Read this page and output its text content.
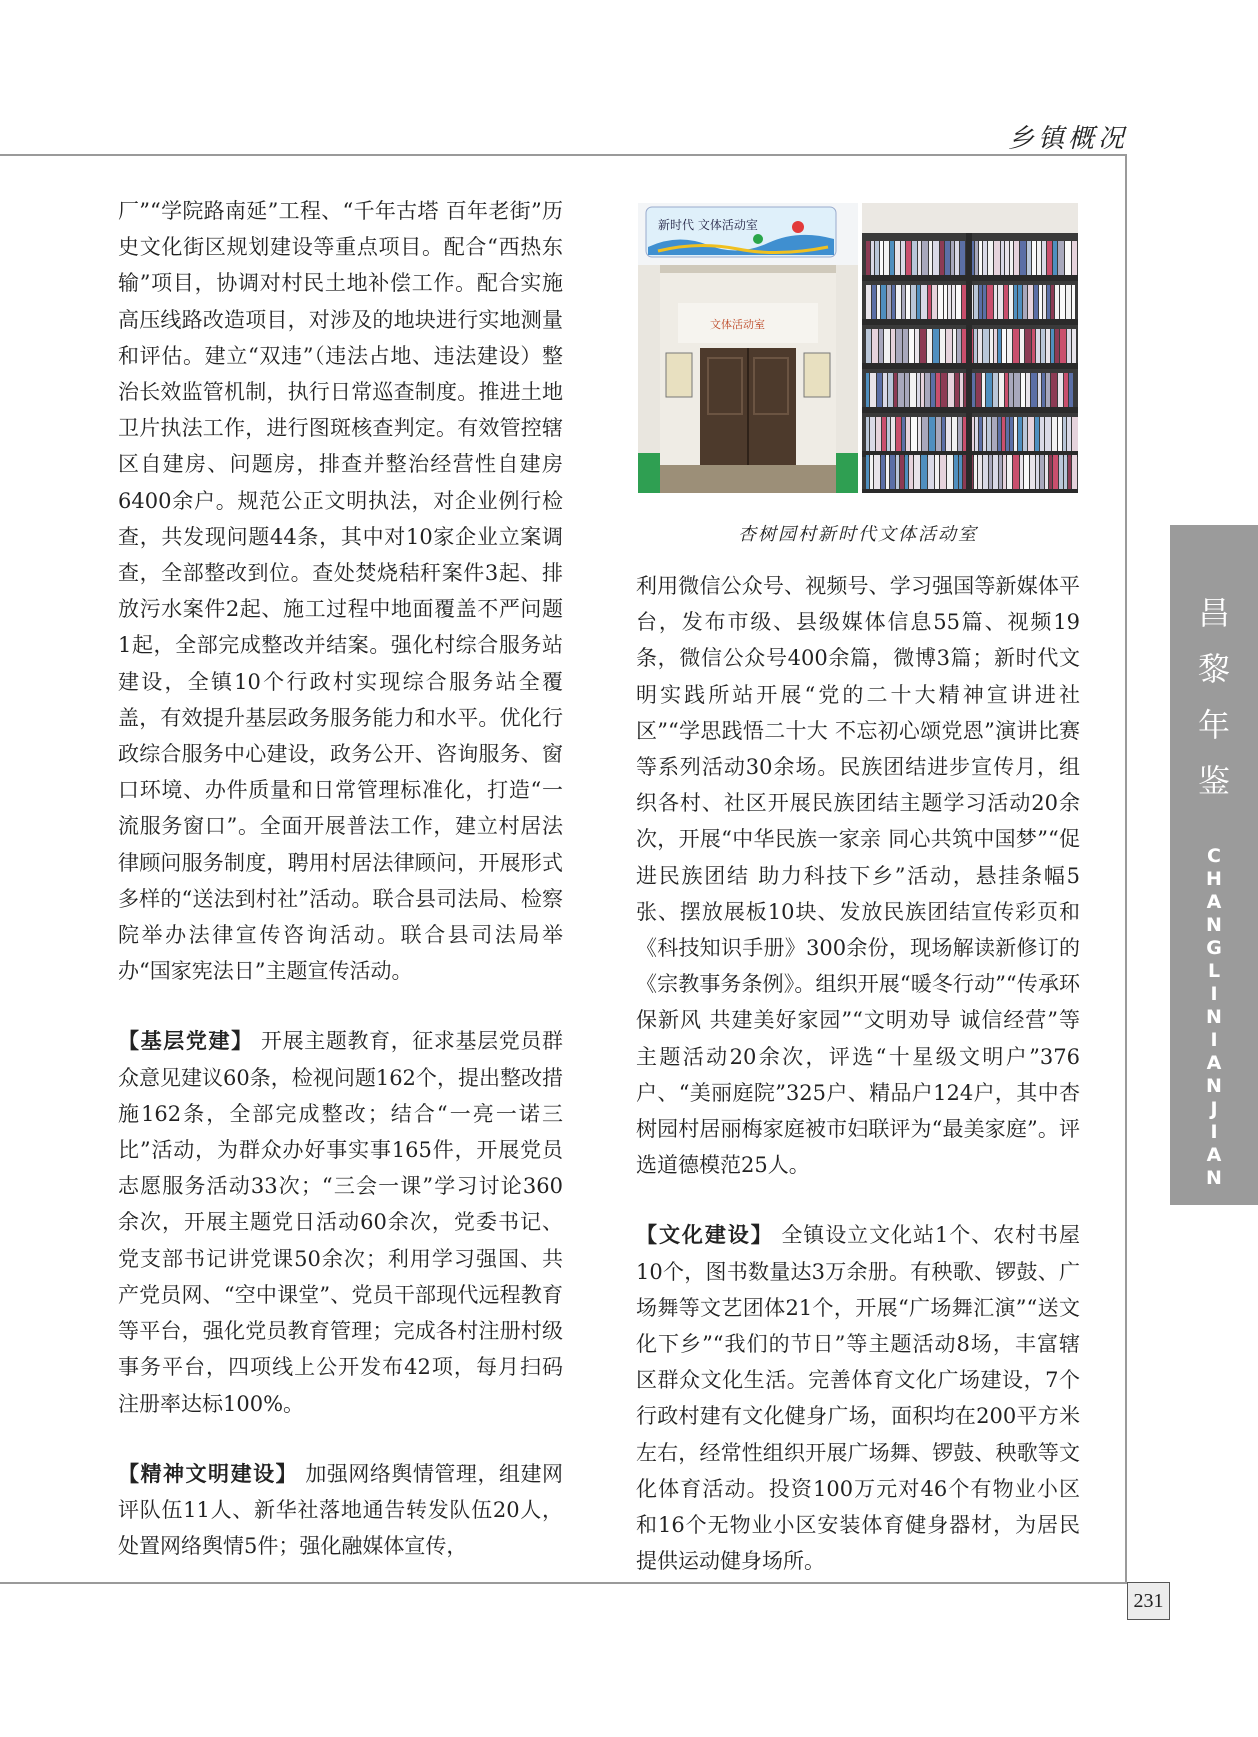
乡镇概况

厂”“学院路南延”工程、“千年古塔 百年老街”历史文化街区规划建设等重点项目。配合“西热东输”项目，协调对村民土地补偿工作。配合实施高压线路改造项目，对涉及的地块进行实地测量和评估。建立“双违”（违法占地、违法建设）整治长效监管机制，执行日常巡查制度。推进土地卫片执法工作，进行图斑核查判定。有效管控辖区自建房、问题房，排查并整治经营性自建房6400余户。规范公正文明执法，对企业例行检查，共发现问题44条，其中对10家企业立案调查，全部整改到位。查处焚烧秸秆案件3起、排放污水案件2起、施工过程中地面覆盖不严问题1起，全部完成整改并结案。强化村综合服务站建设，全镇10个行政村实现综合服务站全覆盖，有效提升基层政务服务能力和水平。优化行政综合服务中心建设，政务公开、咨询服务、窗口环境、办件质量和日常管理标准化，打造“一流服务窗口”。全面开展普法工作，建立村居法律顾问服务制度，聘用村居法律顾问，开展形式多样的“送法到村社”活动。联合县司法局、检察院举办法律宣传咨询活动。联合县司法局举办“国家宪法日”主题宣传活动。

【基层党建】 开展主题教育，征求基层党员群众意见建议60条，检视问题162个，提出整改措施162条，全部完成整改；结合“一亮一诺三比”活动，为群众办好事实事165件，开展党员志愿服务活动33次；“三会一课”学习讨论360余次，开展主题党日活动60余次，党委书记、党支部书记讲党课50余次；利用学习强国、共产党员网、“空中课堂”、党员干部现代远程教育等平台，强化党员教育管理；完成各村注册村级事务平台，四项线上公开发布42项，每月扫码注册率达标100%。

【精神文明建设】 加强网络舆情管理，组建网评队伍11人、新华社落地通告转发队伍20人，处置网络舆情5件；强化融媒体宣传，

新时代 文体活动室
文体活动室
杏树园村新时代文体活动室

利用微信公众号、视频号、学习强国等新媒体平台，发布市级、县级媒体信息55篇、视频19条，微信公众号400余篇，微博3篇；新时代文明实践所站开展“党的二十大精神宣讲进社区”“学思践悟二十大 不忘初心颂党恩”演讲比赛等系列活动30余场。民族团结进步宣传月，组织各村、社区开展民族团结主题学习活动20余次，开展“中华民族一家亲 同心共筑中国梦”“促进民族团结 助力科技下乡”活动，悬挂条幅5张、摆放展板10块、发放民族团结宣传彩页和《科技知识手册》300余份，现场解读新修订的《宗教事务条例》。组织开展“暖冬行动”“传承环保新风 共建美好家园”“文明劝导 诚信经营”等主题活动20余次，评选“十星级文明户”376户、“美丽庭院”325户、精品户124户，其中杏树园村居丽梅家庭被市妇联评为“最美家庭”。评选道德模范25人。

【文化建设】 全镇设立文化站1个、农村书屋10个，图书数量达3万余册。有秧歌、锣鼓、广场舞等文艺团体21个，开展“广场舞汇演”“送文化下乡”“我们的节日”等主题活动8场，丰富辖区群众文化生活。完善体育文化广场建设，7个行政村建有文化健身广场，面积均在200平方米左右，经常性组织开展广场舞、锣鼓、秧歌等文化体育活动。投资100万元对46个有物业小区和16个无物业小区安装体育健身器材，为居民提供运动健身场所。

昌
黎
年
鉴
C
H
A
N
G
L
I
N
I
A
N
J
I
A
N
231
